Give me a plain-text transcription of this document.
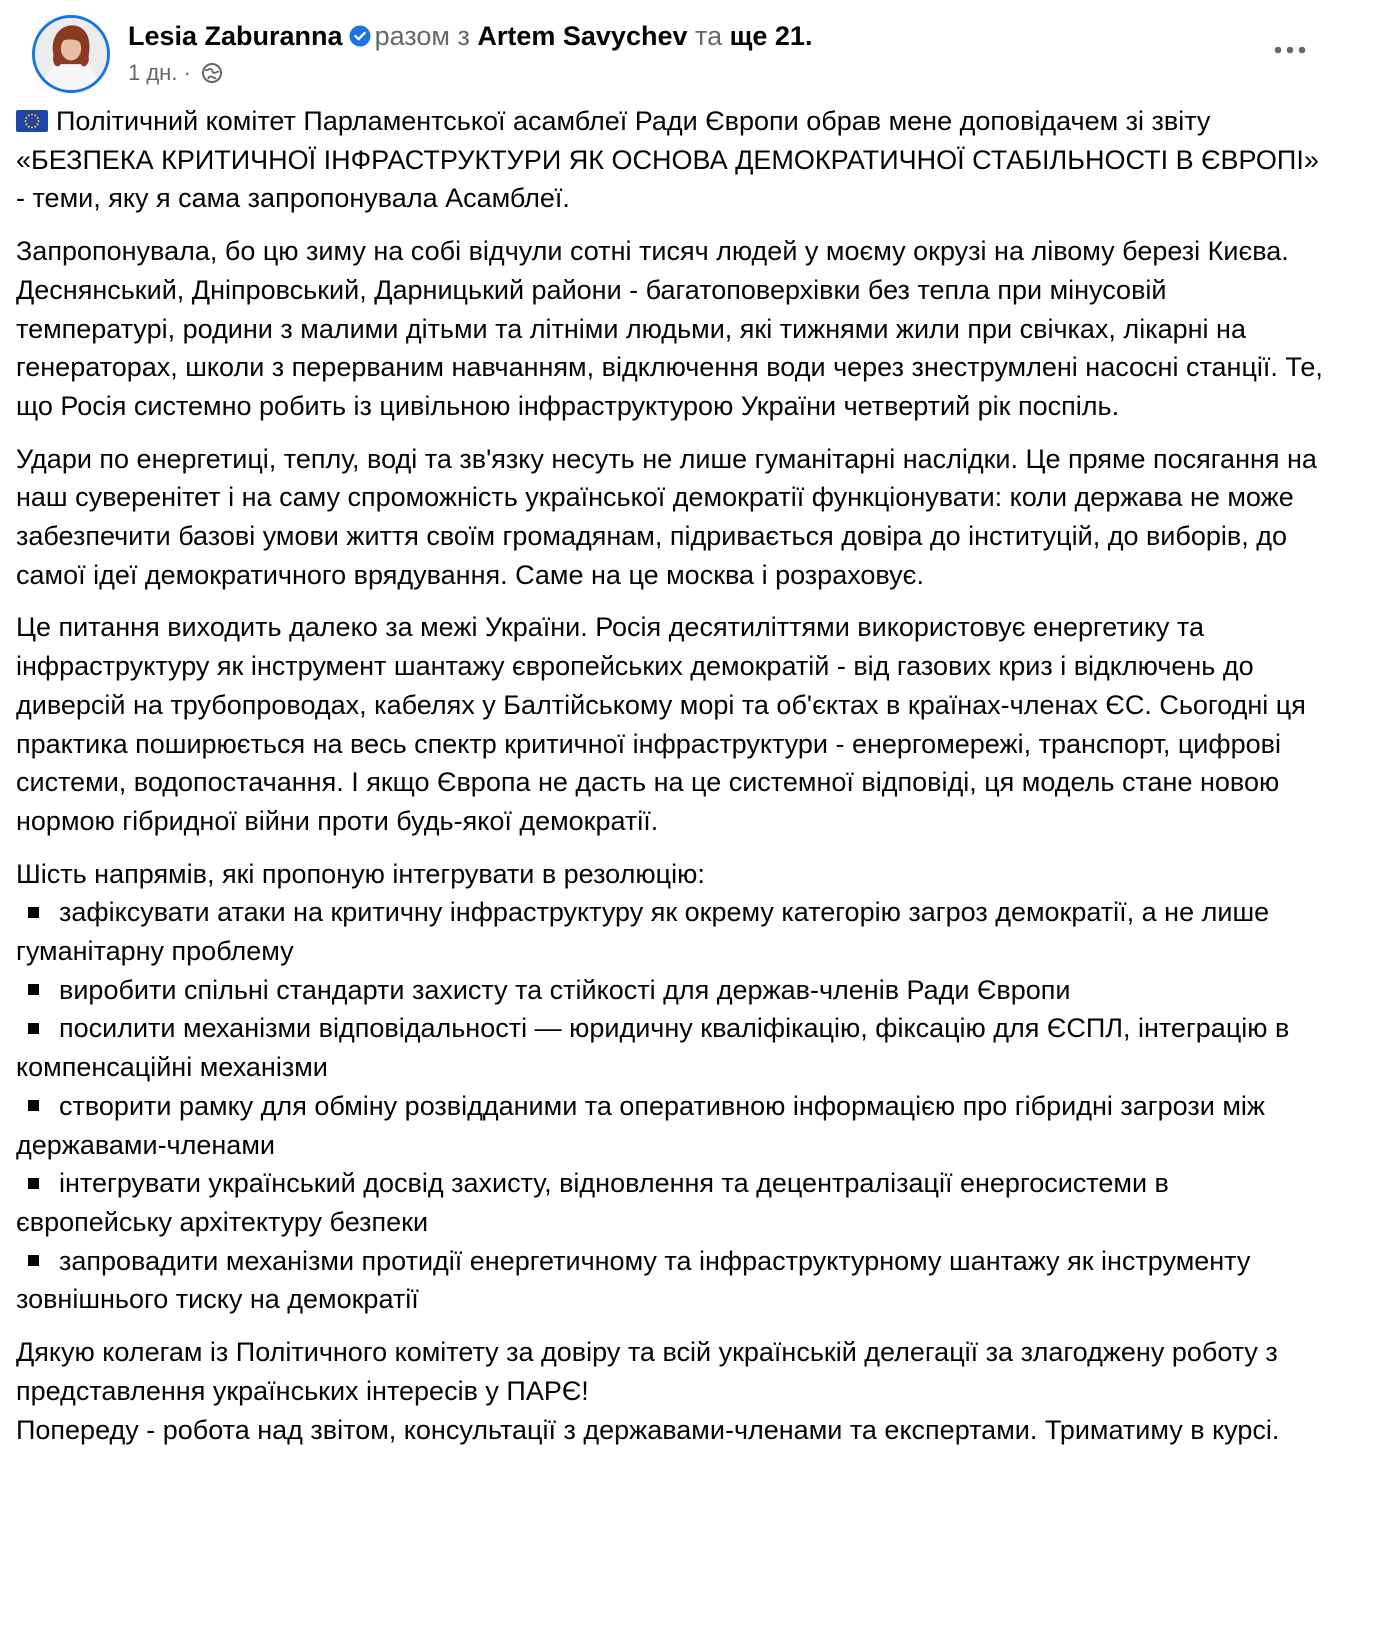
Lesia Zaburanna разом з Artem Savychev та ще 21.
1 дн. ·

Політичний комітет Парламентської асамблеї Ради Європи обрав мене доповідачем зі звіту «БЕЗПЕКА КРИТИЧНОЇ ІНФРАСТРУКТУРИ ЯК ОСНОВА ДЕМОКРАТИЧНОЇ СТАБІЛЬНОСТІ В ЄВРОПІ» - теми, яку я сама запропонувала Асамблеї.

Запропонувала, бо цю зиму на собі відчули сотні тисяч людей у моєму окрузі на лівому березі Києва. Деснянський, Дніпровський, Дарницький райони - багатоповерхівки без тепла при мінусовій температурі, родини з малими дітьми та літніми людьми, які тижнями жили при свічках, лікарні на генераторах, школи з перерваним навчанням, відключення води через знеструмлені насосні станції. Те, що Росія системно робить із цивільною інфраструктурою України четвертий рік поспіль.

Удари по енергетиці, теплу, воді та зв'язку несуть не лише гуманітарні наслідки. Це пряме посягання на наш суверенітет і на саму спроможність української демократії функціонувати: коли держава не може забезпечити базові умови життя своїм громадянам, підривається довіра до інституцій, до виборів, до самої ідеї демократичного врядування. Саме на це москва і розраховує.

Це питання виходить далеко за межі України. Росія десятиліттями використовує енергетику та інфраструктуру як інструмент шантажу європейських демократій - від газових криз і відключень до диверсій на трубопроводах, кабелях у Балтійському морі та об'єктах в країнах-членах ЄС. Сьогодні ця практика поширюється на весь спектр критичної інфраструктури - енергомережі, транспорт, цифрові системи, водопостачання. І якщо Європа не дасть на це системної відповіді, ця модель стане новою нормою гібридної війни проти будь-якої демократії.

Шість напрямів, які пропоную інтегрувати в резолюцію:
зафіксувати атаки на критичну інфраструктуру як окрему категорію загроз демократії, а не лише гуманітарну проблему
виробити спільні стандарти захисту та стійкості для держав-членів Ради Європи
посилити механізми відповідальності — юридичну кваліфікацію, фіксацію для ЄСПЛ, інтеграцію в компенсаційні механізми
створити рамку для обміну розвідданими та оперативною інформацією про гібридні загрози між державами-членами
інтегрувати український досвід захисту, відновлення та децентралізації енергосистеми в європейську архітектуру безпеки
запровадити механізми протидії енергетичному та інфраструктурному шантажу як інструменту зовнішнього тиску на демократії
Дякую колегам із Політичного комітету за довіру та всій українській делегації за злагоджену роботу з представлення українських інтересів у ПАРЄ!
Попереду - робота над звітом, консультації з державами-членами та експертами. Триматиму в курсі.
